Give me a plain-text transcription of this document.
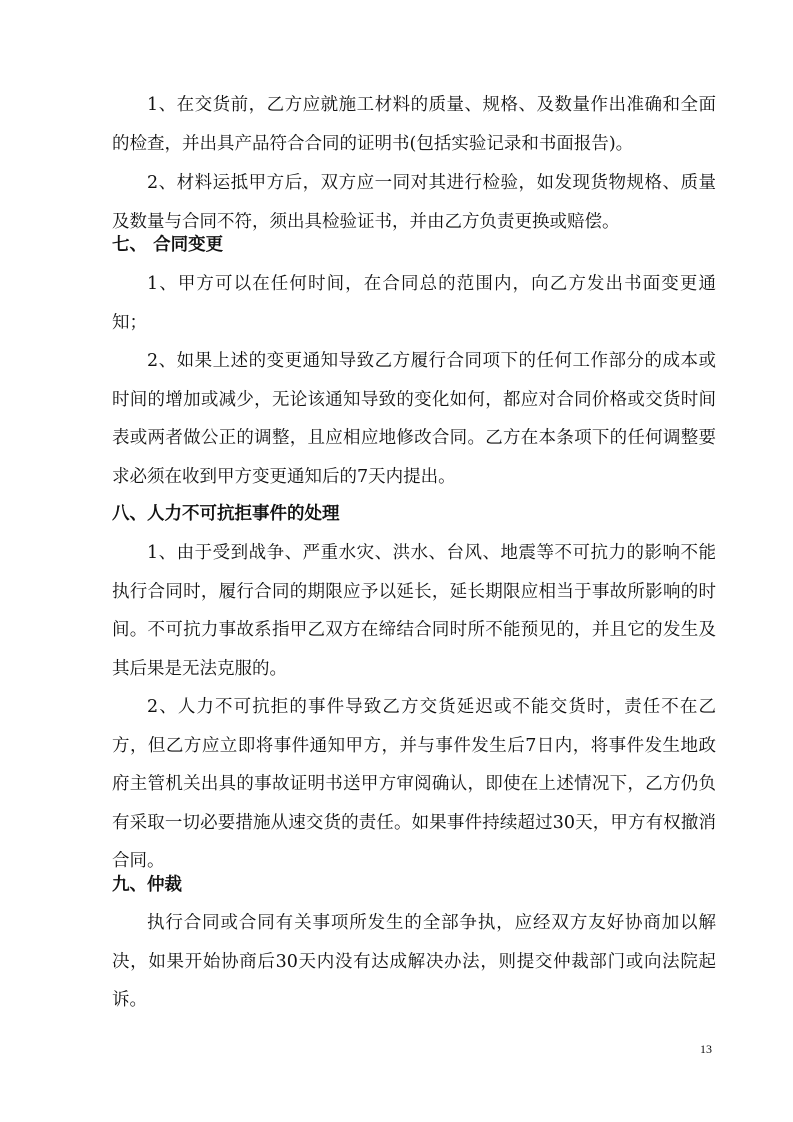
1、在交货前，乙方应就施工材料的质量、规格、及数量作出准确和全面的检查，并出具产品符合合同的证明书(包括实验记录和书面报告)。

2、材料运抵甲方后，双方应一同对其进行检验，如发现货物规格、质量及数量与合同不符，须出具检验证书，并由乙方负责更换或赔偿。

七、 合同变更

1、甲方可以在任何时间，在合同总的范围内，向乙方发出书面变更通知；

2、如果上述的变更通知导致乙方履行合同项下的任何工作部分的成本或时间的增加或减少，无论该通知导致的变化如何，都应对合同价格或交货时间表或两者做公正的调整，且应相应地修改合同。乙方在本条项下的任何调整要求必须在收到甲方变更通知后的7天内提出。

八、人力不可抗拒事件的处理

1、由于受到战争、严重水灾、洪水、台风、地震等不可抗力的影响不能执行合同时，履行合同的期限应予以延长，延长期限应相当于事故所影响的时间。不可抗力事故系指甲乙双方在缔结合同时所不能预见的，并且它的发生及其后果是无法克服的。

2、人力不可抗拒的事件导致乙方交货延迟或不能交货时，责任不在乙方，但乙方应立即将事件通知甲方，并与事件发生后7日内，将事件发生地政府主管机关出具的事故证明书送甲方审阅确认，即使在上述情况下，乙方仍负有采取一切必要措施从速交货的责任。如果事件持续超过30天，甲方有权撤消合同。

九、仲裁

执行合同或合同有关事项所发生的全部争执，应经双方友好协商加以解决，如果开始协商后30天内没有达成解决办法，则提交仲裁部门或向法院起诉。

13
